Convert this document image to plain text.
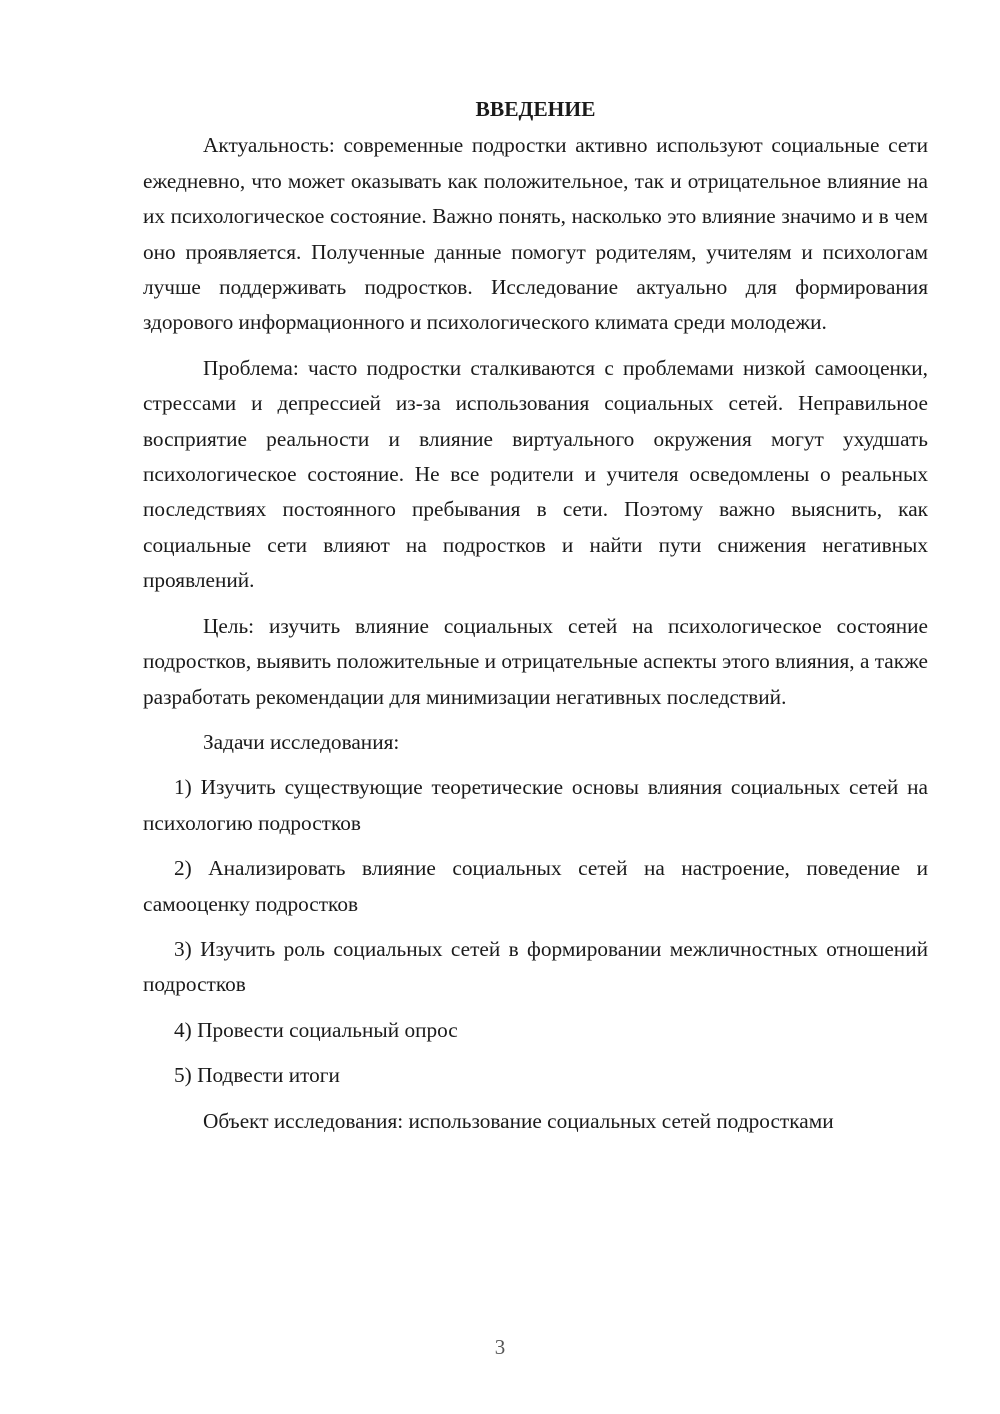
ВВЕДЕНИЕ

Актуальность: современные подростки активно используют социальные сети ежедневно, что может оказывать как положительное, так и отрицательное влияние на их психологическое состояние. Важно понять, насколько это влияние значимо и в чем оно проявляется. Полученные данные помогут родителям, учителям и психологам лучше поддерживать подростков. Исследование актуально для формирования здорового информационного и психологического климата среди молодежи.

Проблема: часто подростки сталкиваются с проблемами низкой самооценки, стрессами и депрессией из-за использования социальных сетей. Неправильное восприятие реальности и влияние виртуального окружения могут ухудшать психологическое состояние. Не все родители и учителя осведомлены о реальных последствиях постоянного пребывания в сети. Поэтому важно выяснить, как социальные сети влияют на подростков и найти пути снижения негативных проявлений.

Цель: изучить влияние социальных сетей на психологическое состояние подростков, выявить положительные и отрицательные аспекты этого влияния, а также разработать рекомендации для минимизации негативных последствий.

Задачи исследования:

1) Изучить существующие теоретические основы влияния социальных сетей на психологию подростков

2) Анализировать влияние социальных сетей на настроение, поведение и самооценку подростков

3) Изучить роль социальных сетей в формировании межличностных отношений подростков

4) Провести социальный опрос

5) Подвести итоги

Объект исследования: использование социальных сетей подростками

3
